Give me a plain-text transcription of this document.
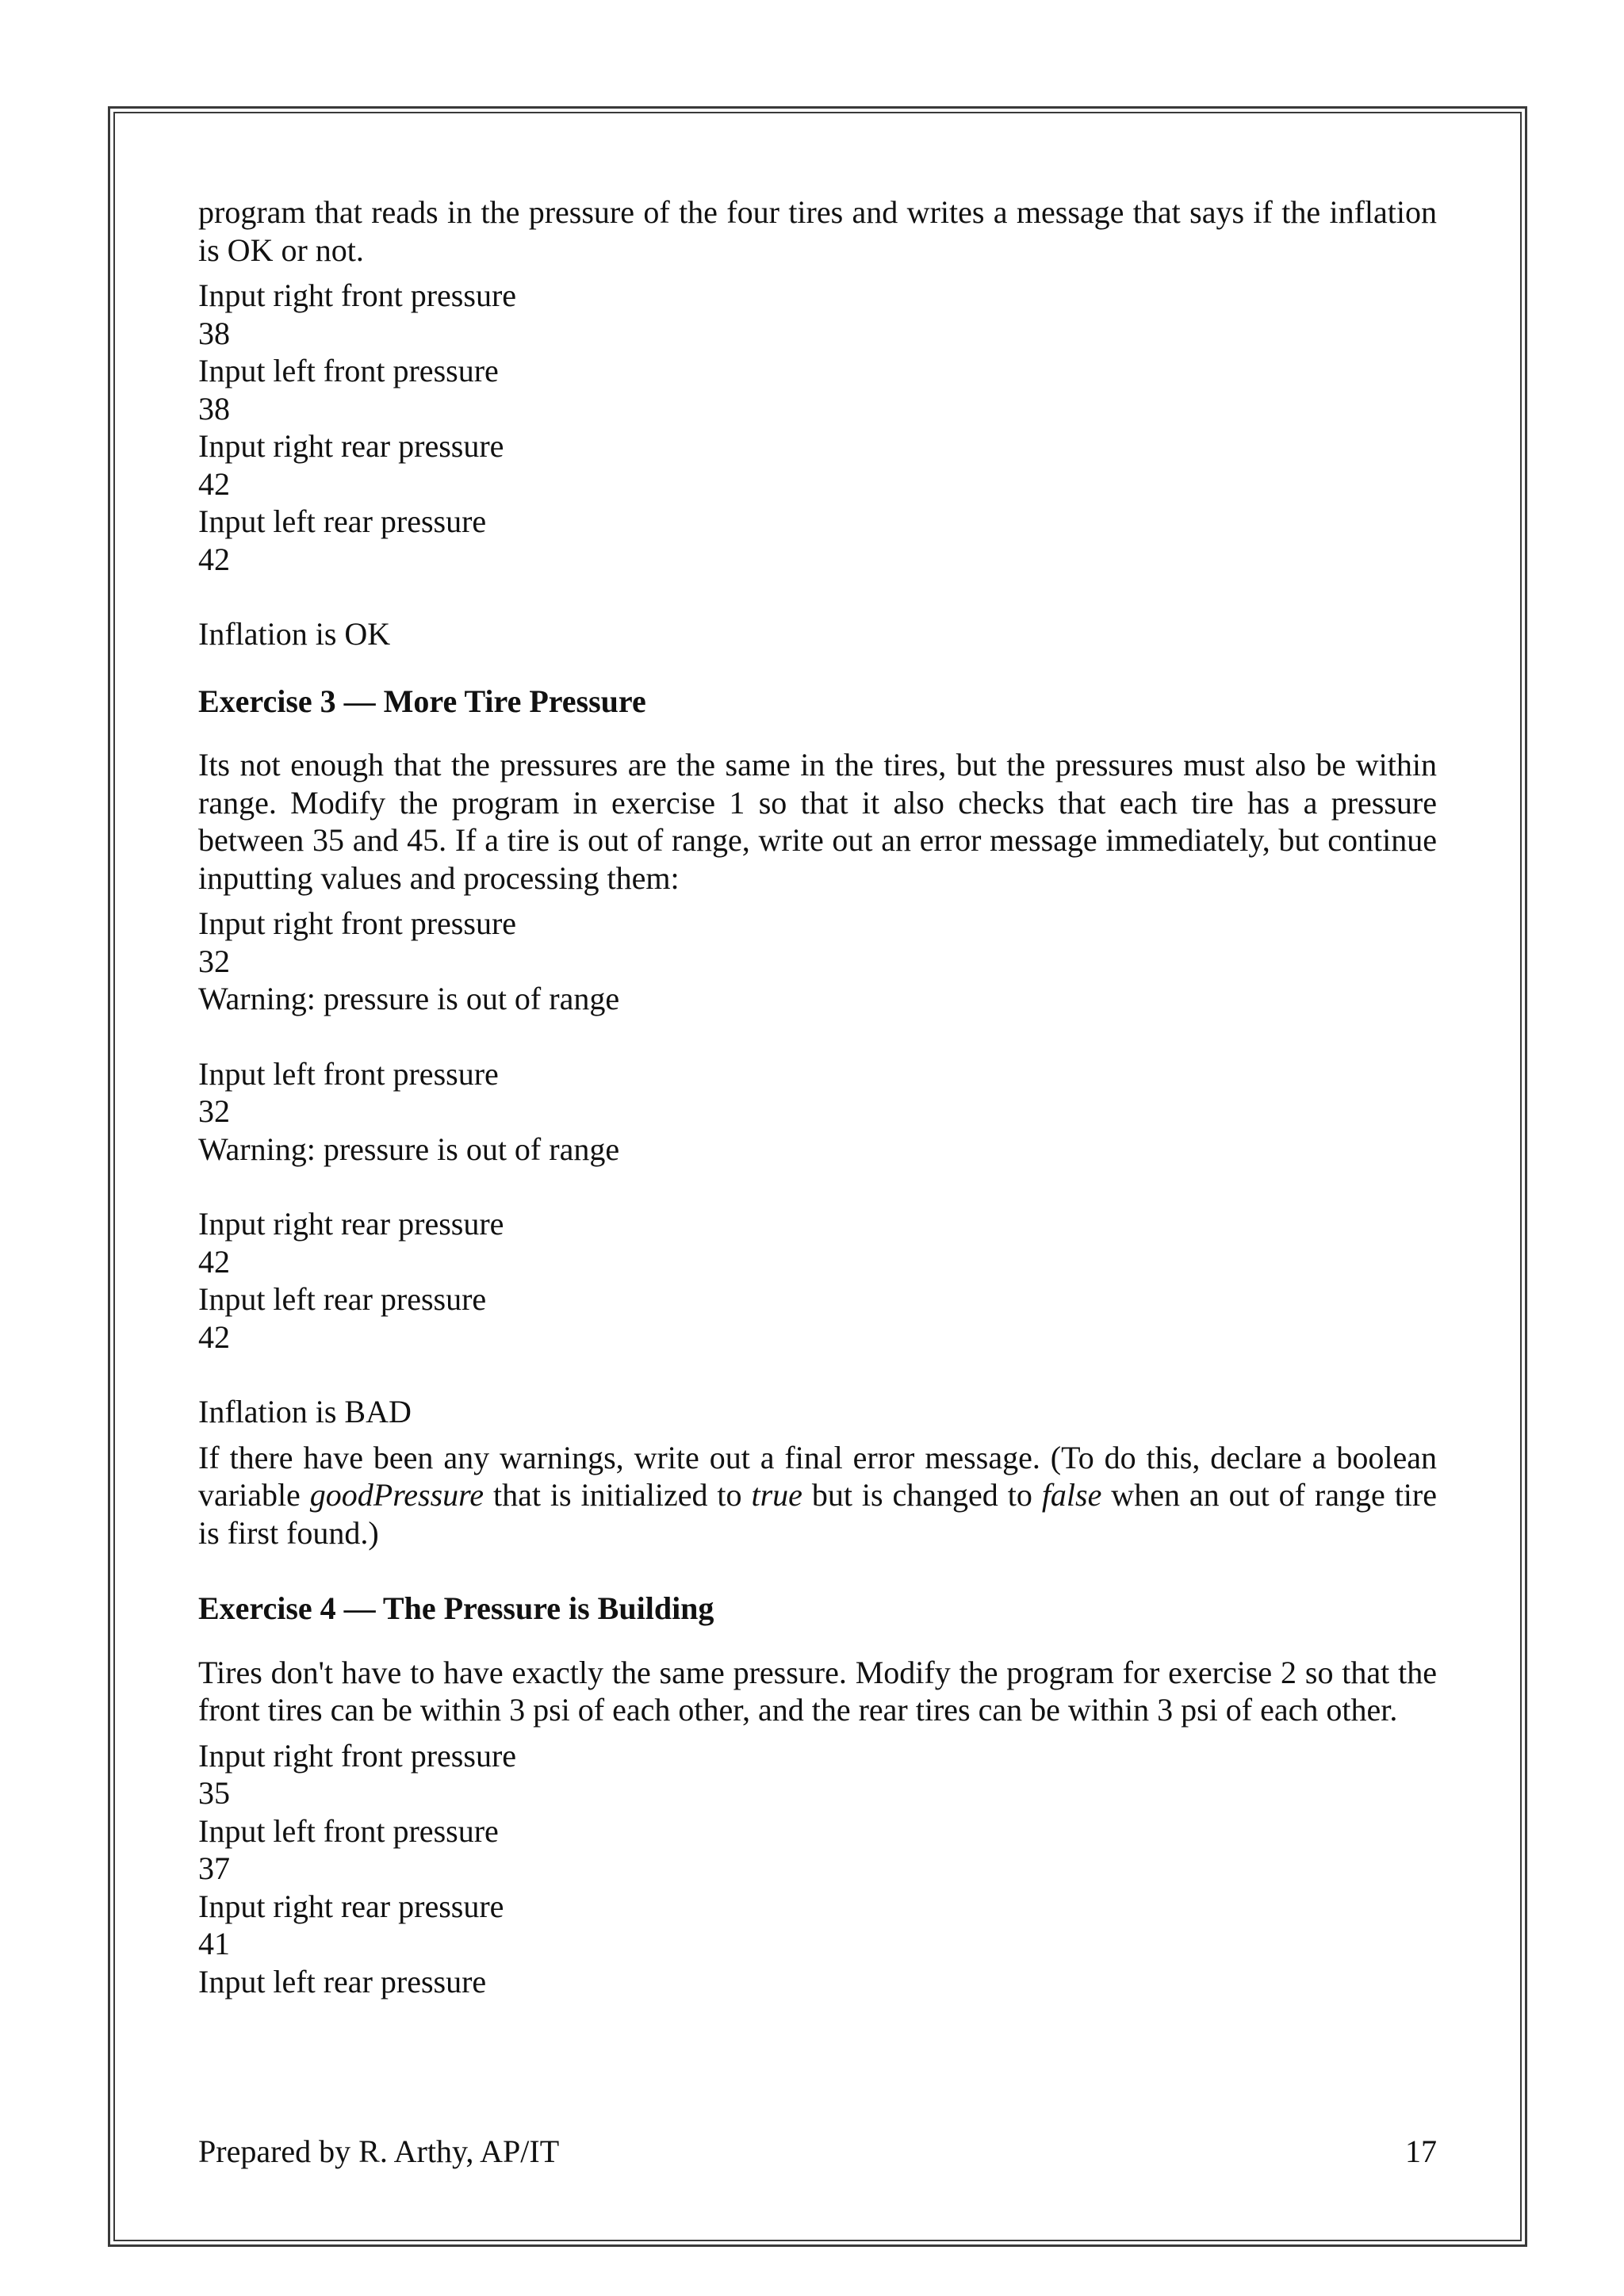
program that reads in the pressure of the four tires and writes a message that says if the inflation is OK or not.

Input right front pressure
38
Input left front pressure
38
Input right rear pressure
42
Input left rear pressure
42
Inflation is OK
Exercise 3 — More Tire Pressure

Its not enough that the pressures are the same in the tires, but the pressures must also be within range. Modify the program in exercise 1 so that it also checks that each tire has a pressure between 35 and 45. If a tire is out of range, write out an error message immediately, but continue inputting values and processing them:

Input right front pressure
32
Warning: pressure is out of range
Input left front pressure
32
Warning: pressure is out of range
Input right rear pressure
42
Input left rear pressure
42
Inflation is BAD

If there have been any warnings, write out a final error message. (To do this, declare a boolean variable goodPressure that is initialized to true but is changed to false when an out of range tire is first found.)

Exercise 4 — The Pressure is Building

Tires don't have to have exactly the same pressure. Modify the program for exercise 2 so that the front tires can be within 3 psi of each other, and the rear tires can be within 3 psi of each other.

Input right front pressure
35
Input left front pressure
37
Input right rear pressure
41
Input left rear pressure
Prepared by R. Arthy, AP/IT	17
